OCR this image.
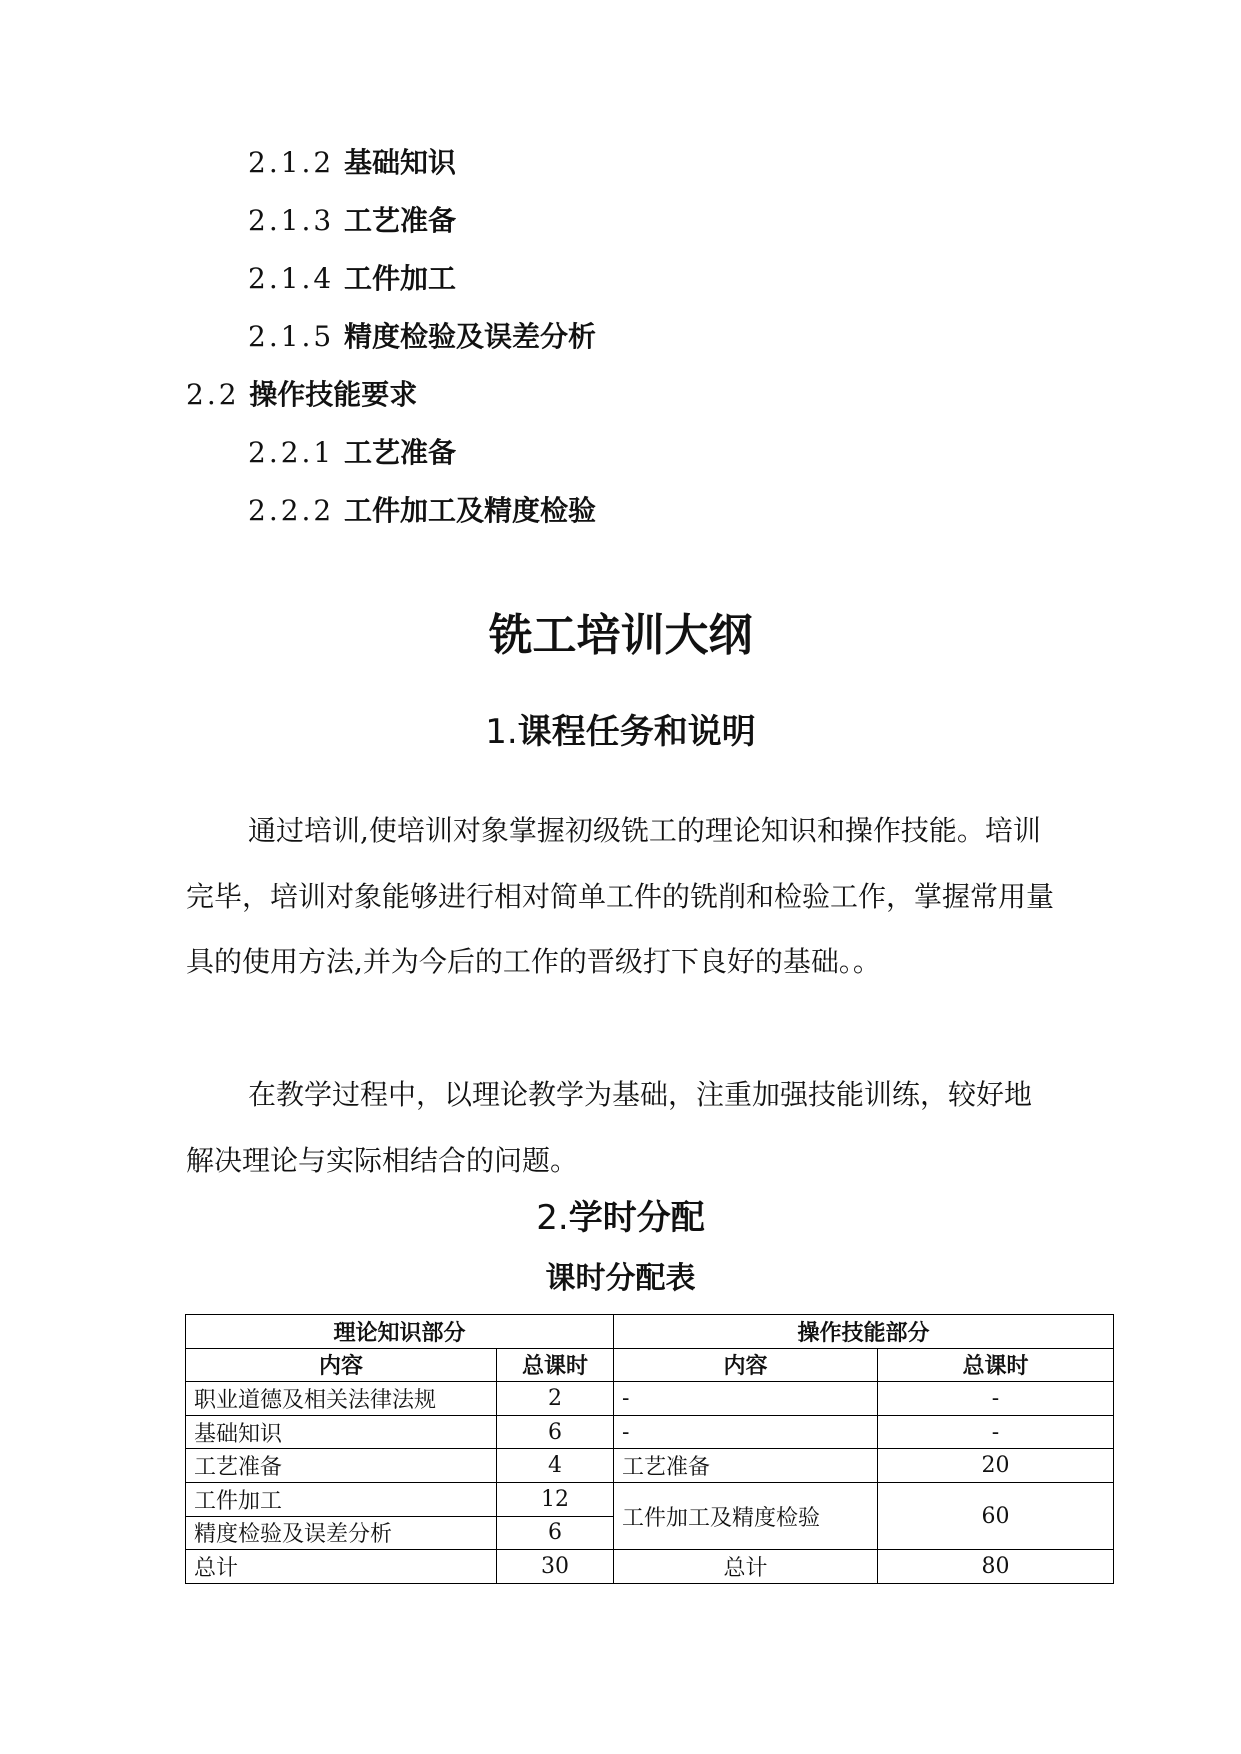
2.1.2 基础知识
2.1.3 工艺准备
2.1.4 工件加工
2.1.5 精度检验及误差分析
2.2 操作技能要求
2.2.1 工艺准备
2.2.2 工件加工及精度检验
铣工培训大纲
1.课程任务和说明

通过培训,使培训对象掌握初级铣工的理论知识和操作技能。培训完毕，培训对象能够进行相对简单工件的铣削和检验工作，掌握常用量具的使用方法,并为今后的工作的晋级打下良好的基础。。

在教学过程中，以理论教学为基础，注重加强技能训练，较好地解决理论与实际相结合的问题。

2.学时分配
课时分配表
理论知识部分		操作技能部分	
内容	总课时	内容	总课时
职业道德及相关法律法规	2	-	-
基础知识	6	-	-
工艺准备	4	工艺准备	20
工件加工	12	工件加工及精度检验	60
精度检验及误差分析	6		
总计	30	总计	80
